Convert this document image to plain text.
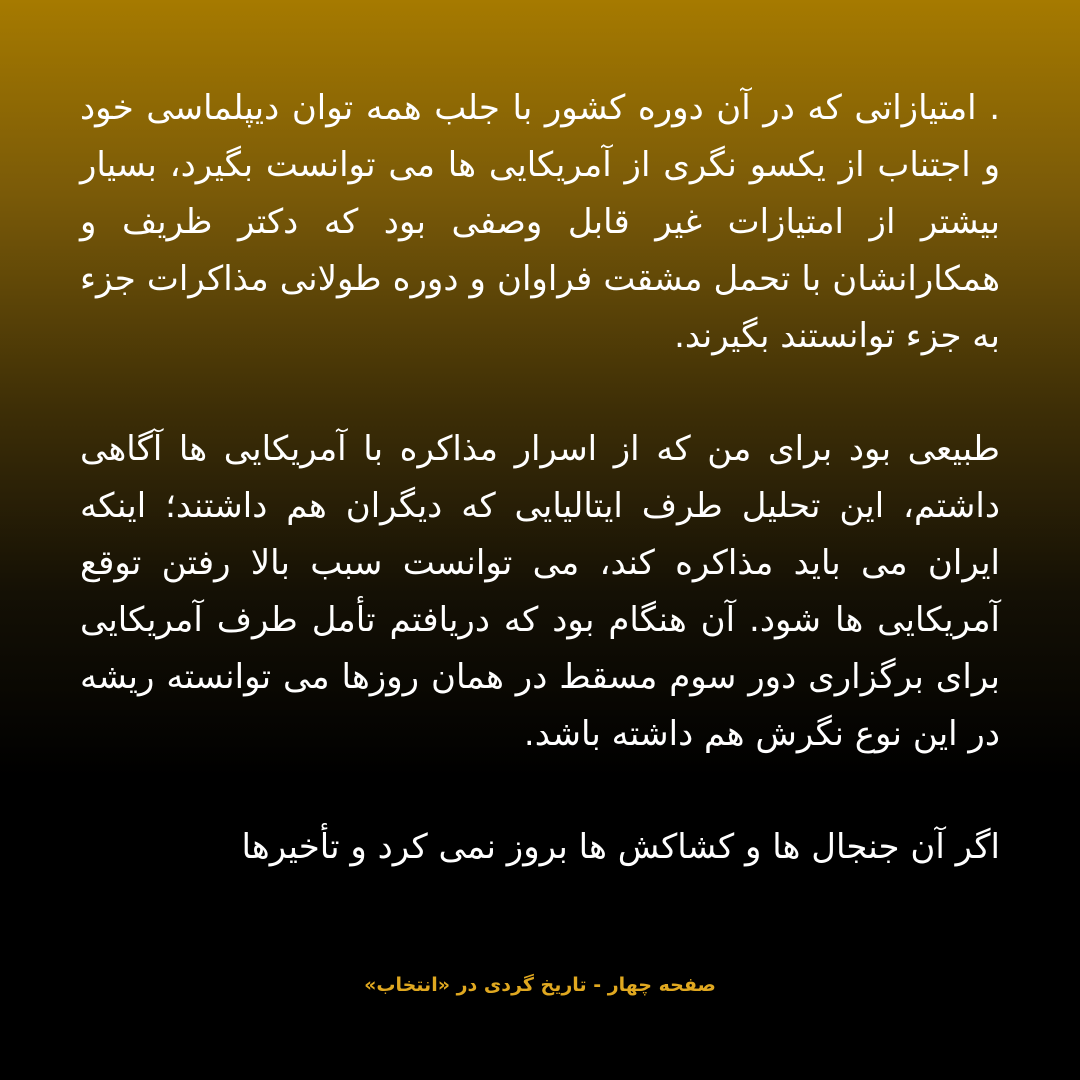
. امتیازاتی که در آن دوره کشور با جلب همه توان دیپلماسی خود و اجتناب از یکسو نگری از آمریکایی ها می توانست بگیرد، بسیار بیشتر از امتیازات غیر قابل وصفی بود که دکتر ظریف و همکارانشان با تحمل مشقت فراوان و دوره طولانی مذاکرات جزء به جزء توانستند بگیرند.

طبیعی بود برای من که از اسرار مذاکره با آمریکایی ها آگاهی داشتم، این تحلیل طرف ایتالیایی که دیگران هم داشتند؛ اینکه ایران می باید مذاکره کند، می توانست سبب بالا رفتن توقع آمریکایی ها شود. آن هنگام بود که دریافتم تأمل طرف آمریکایی برای برگزاری دور سوم مسقط در همان روزها می توانسته ریشه در این نوع نگرش هم داشته باشد.

اگر آن جنجال ها و کشاکش ها بروز نمی کرد و تأخیرها

صفحه چهار - تاریخ گردی در «انتخاب»
